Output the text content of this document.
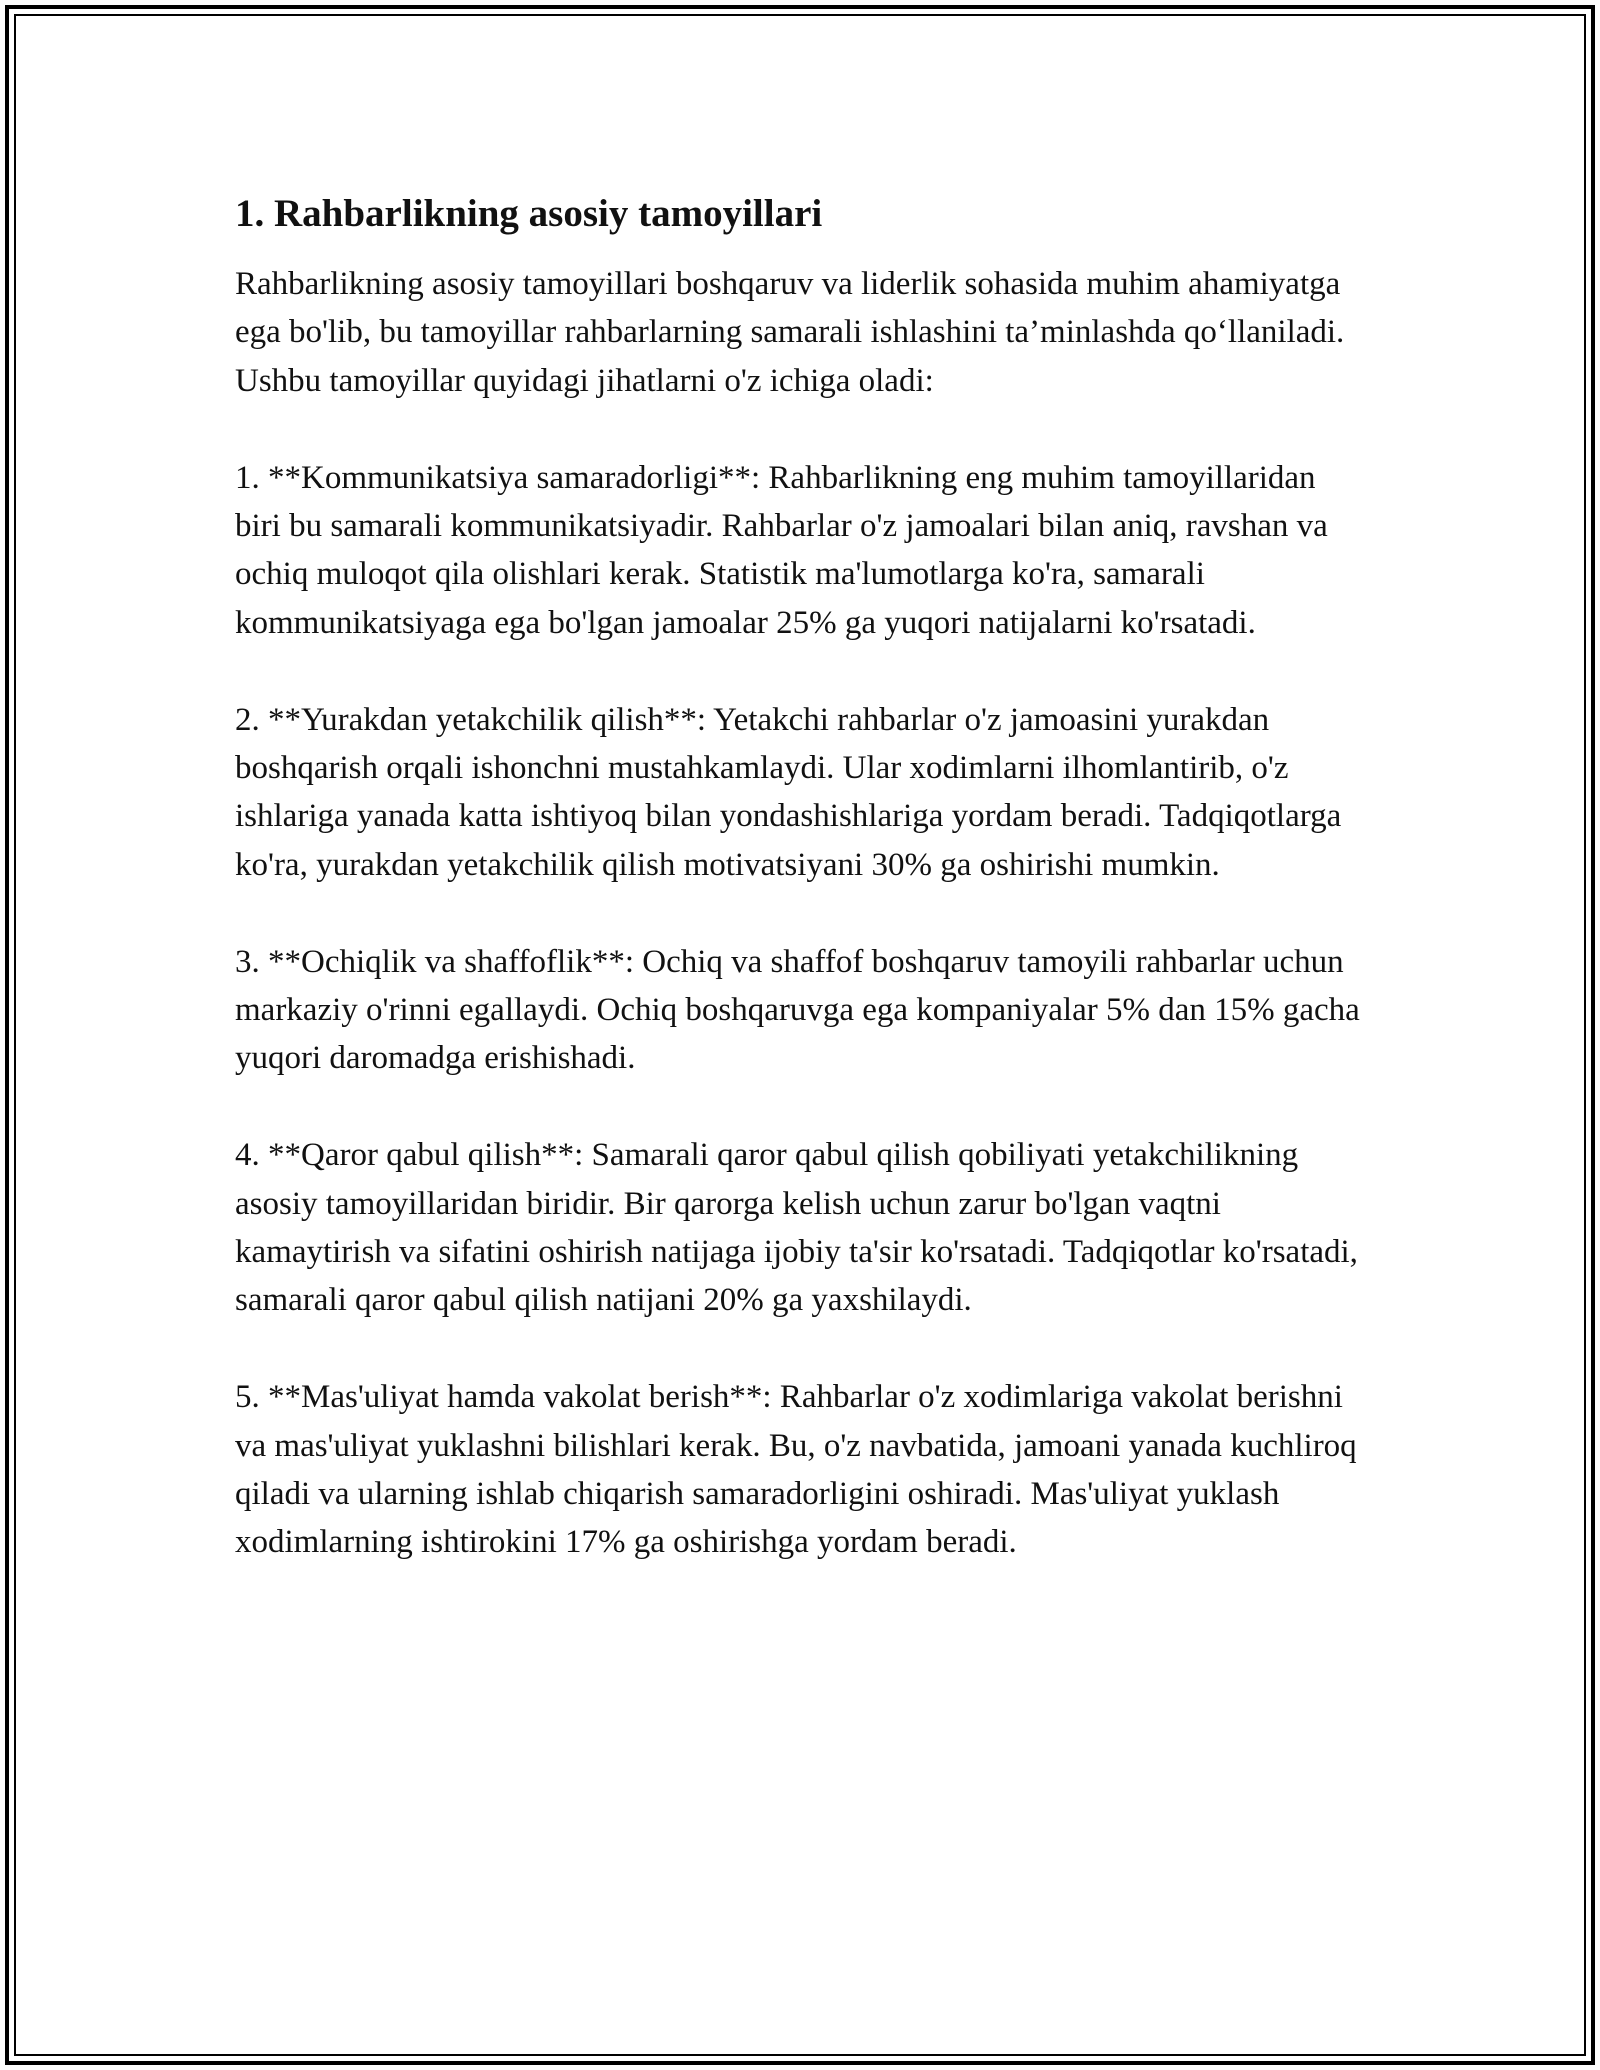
1. Rahbarlikning asosiy tamoyillari

Rahbarlikning asosiy tamoyillari boshqaruv va liderlik sohasida muhim ahamiyatga ega bo'lib, bu tamoyillar rahbarlarning samarali ishlashini ta’minlashda qo‘llaniladi. Ushbu tamoyillar quyidagi jihatlarni o'z ichiga oladi:

1. **Kommunikatsiya samaradorligi**: Rahbarlikning eng muhim tamoyillaridan biri bu samarali kommunikatsiyadir. Rahbarlar o'z jamoalari bilan aniq, ravshan va ochiq muloqot qila olishlari kerak. Statistik ma'lumotlarga ko'ra, samarali kommunikatsiyaga ega bo'lgan jamoalar 25% ga yuqori natijalarni ko'rsatadi.

2. **Yurakdan yetakchilik qilish**: Yetakchi rahbarlar o'z jamoasini yurakdan boshqarish orqali ishonchni mustahkamlaydi. Ular xodimlarni ilhomlantirib, o'z ishlariga yanada katta ishtiyoq bilan yondashishlariga yordam beradi. Tadqiqotlarga ko'ra, yurakdan yetakchilik qilish motivatsiyani 30% ga oshirishi mumkin.

3. **Ochiqlik va shaffoflik**: Ochiq va shaffof boshqaruv tamoyili rahbarlar uchun markaziy o'rinni egallaydi. Ochiq boshqaruvga ega kompaniyalar 5% dan 15% gacha yuqori daromadga erishishadi.

4. **Qaror qabul qilish**: Samarali qaror qabul qilish qobiliyati yetakchilikning asosiy tamoyillaridan biridir. Bir qarorga kelish uchun zarur bo'lgan vaqtni kamaytirish va sifatini oshirish natijaga ijobiy ta'sir ko'rsatadi. Tadqiqotlar ko'rsatadi, samarali qaror qabul qilish natijani 20% ga yaxshilaydi.

5. **Mas'uliyat hamda vakolat berish**: Rahbarlar o'z xodimlariga vakolat berishni va mas'uliyat yuklashni bilishlari kerak. Bu, o'z navbatida, jamoani yanada kuchliroq qiladi va ularning ishlab chiqarish samaradorligini oshiradi. Mas'uliyat yuklash xodimlarning ishtirokini 17% ga oshirishga yordam beradi.
